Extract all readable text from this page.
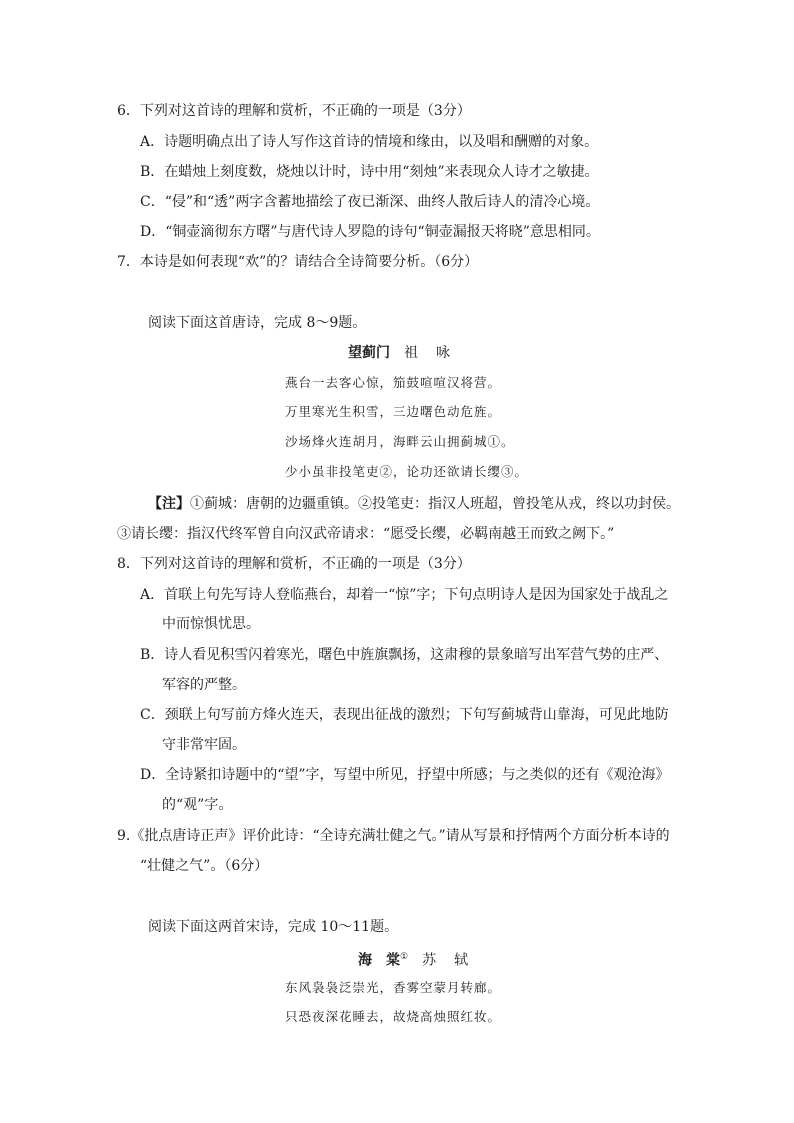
6．下列对这首诗的理解和赏析，不正确的一项是（3分）
A．诗题明确点出了诗人写作这首诗的情境和缘由，以及唱和酬赠的对象。
B．在蜡烛上刻度数，烧烛以计时，诗中用“刻烛”来表现众人诗才之敏捷。
C．“侵”和“透”两字含蓄地描绘了夜已渐深、曲终人散后诗人的清冷心境。
D．“铜壶滴彻东方曙”与唐代诗人罗隐的诗句“铜壶漏报天将晓”意思相同。
7．本诗是如何表现“欢”的？请结合全诗简要分析。（6分）
阅读下面这首唐诗，完成 8～9题。
望蓟门 祖　咏
燕台一去客心惊，笳鼓喧喧汉将营。
万里寒光生积雪，三边曙色动危旌。
沙场烽火连胡月，海畔云山拥蓟城①。
少小虽非投笔吏②，论功还欲请长缨③。
【注】①蓟城：唐朝的边疆重镇。②投笔吏：指汉人班超，曾投笔从戎，终以功封侯。
③请长缨：指汉代终军曾自向汉武帝请求：“愿受长缨，必羁南越王而致之阙下。”
8．下列对这首诗的理解和赏析，不正确的一项是（3分）
A．首联上句先写诗人登临燕台，却着一“惊”字；下句点明诗人是因为国家处于战乱之
中而惊惧忧思。
B．诗人看见积雪闪着寒光，曙色中旌旗飘扬，这肃穆的景象暗写出军营气势的庄严、
军容的严整。
C．颈联上句写前方烽火连天，表现出征战的激烈；下句写蓟城背山靠海，可见此地防
守非常牢固。
D．全诗紧扣诗题中的“望”字，写望中所见，抒望中所感；与之类似的还有《观沧海》
的“观”字。
9.《批点唐诗正声》评价此诗：“全诗充满壮健之气。”请从写景和抒情两个方面分析本诗的
“壮健之气”。（6分）
阅读下面这两首宋诗，完成 10～11题。
海　棠① 苏　轼
东风袅袅泛崇光，香雾空蒙月转廊。
只恐夜深花睡去，故烧高烛照红妆。
